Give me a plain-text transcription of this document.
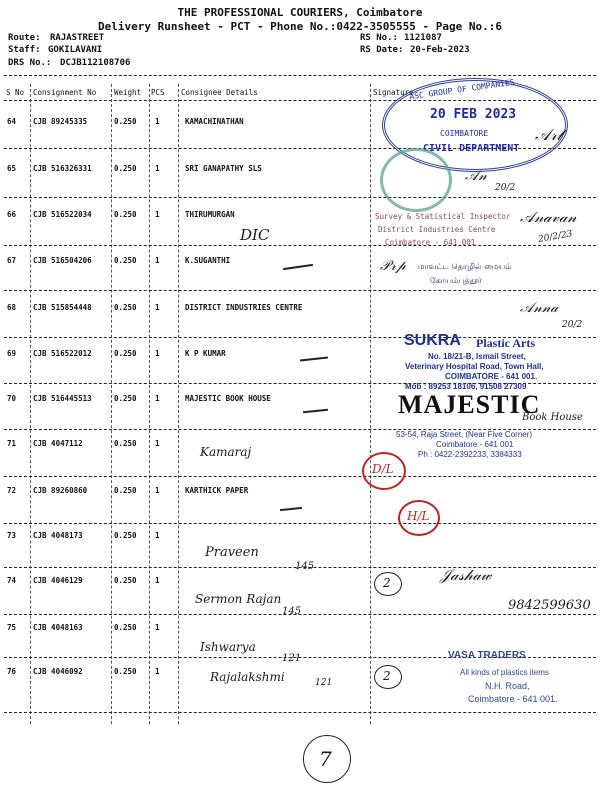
THE PROFESSIONAL COURIERS, Coimbatore
Delivery Runsheet - PCT - Phone No.:0422-3505555 - Page No.:6
Route: RAJASTREET
Staff: GOKILAVANI
DRS No.: DCJB112108706
RS No.: 1121087
RS Date: 20-Feb-2023
S No Consignment No Weight PCS Consignee Details	Signature
64 CJB 89245335	0.250 1	KAMACHINATHAN
65 CJB 516326331	0.250 1	SRI GANAPATHY SLS
66 CJB 516522034	0.250 1	THIRUMURGAN
67 CJB 516504206	0.250 1	K.SUGANTHI
68 CJB 515854448	0.250 1	DISTRICT INDUSTRIES CENTRE
69 CJB 516522012	0.250 1	K P KUMAR
70 CJB 516445513	0.250 1	MAJESTIC BOOK HOUSE
71 CJB 4047112	0.250 1
72 CJB 89260860	0.250 1	KARTHICK PAPER
73 CJB 4048173	0.250 1
74 CJB 4046129	0.250 1
75 CJB 4048163	0.250 1
76 CJB 4046092	0.250 1
DIC
Kamaraj
Praveen
145
Sermon Rajan
145
Ishwarya
121
Rajalakshmi	121
ASC GROUP OF COMPANIES
20 FEB 2023
COIMBATORE
CIVIL DEPARTMENT
Survey & Statistical Inspector
District Industries Centre
Coimbatore - 641 001
மாவட்ட தொழில் மையம்
கோயம்புத்தூர்
𝒜𝓇𝓉
𝒜𝓃
20/2
𝒜𝓃𝒶𝓋𝒶𝓃
20/2/23
𝒫𝓇𝓅
𝒜𝓃𝓃𝒶
20/2
SUKRA Plastic Arts
No. 18/21-B, Ismail Street,
Veterinary Hospital Road, Town Hall,
COIMBATORE - 641 001.
Mob : 89253 18106, 91508 27309
MAJESTIC
Book House
53-54, Raja Street, (Near Five Corner)
Coimbatore - 641 001
Ph : 0422-2392233, 3384333
D/L
H/L
2
2
𝒥𝒶𝓈𝒽𝒶𝓌
9842599630
VASA TRADERS
All kinds of plastics items
N.H. Road,
Coimbatore - 641 001.
7
